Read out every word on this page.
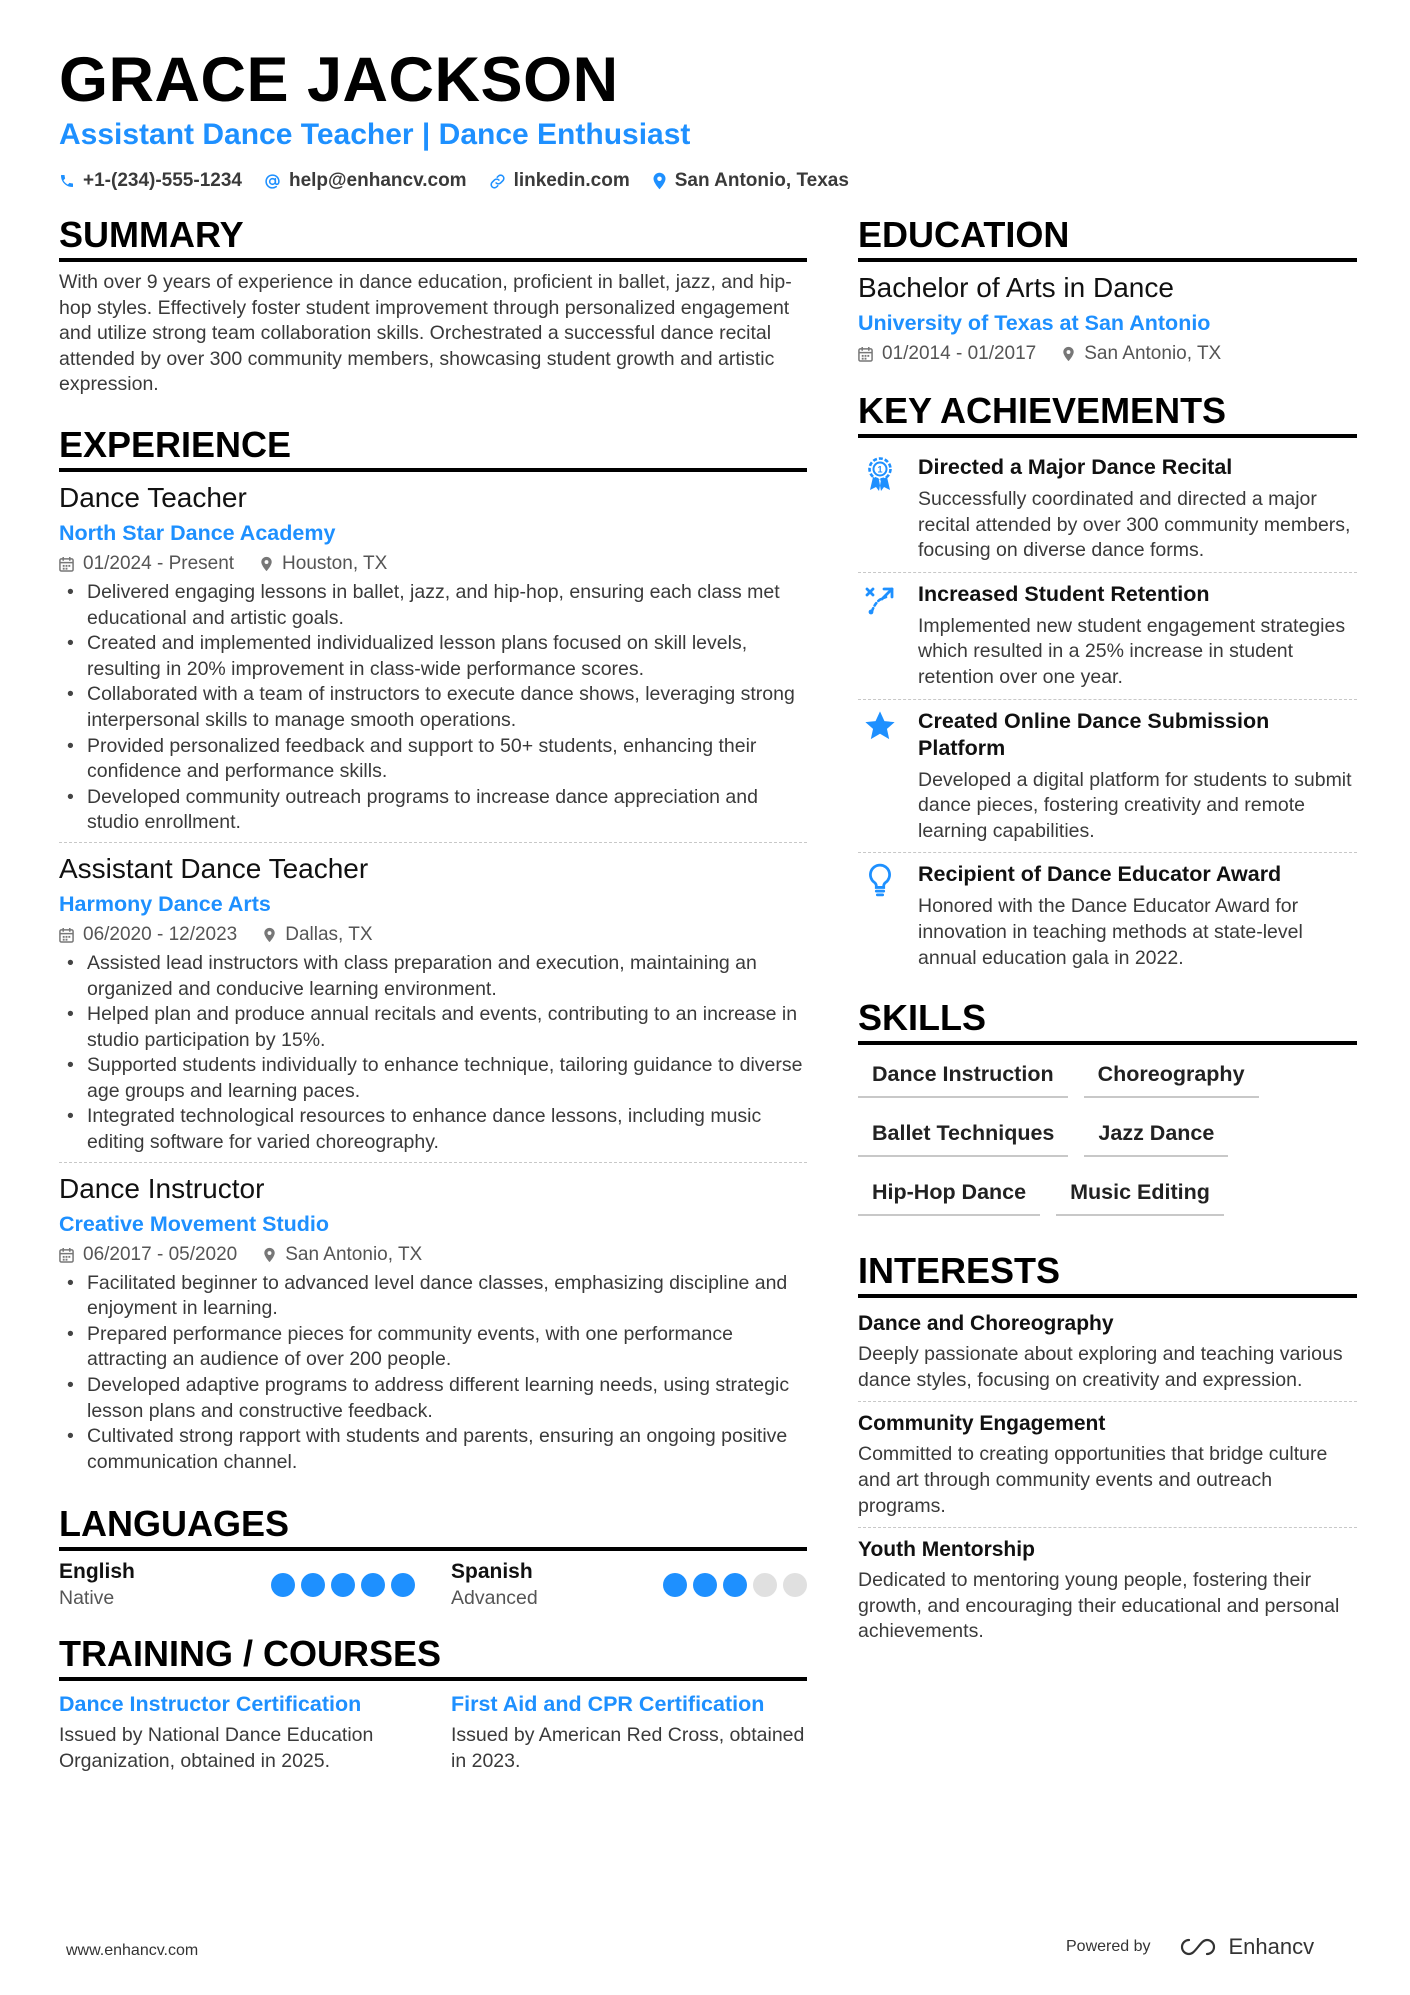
GRACE JACKSON
Assistant Dance Teacher | Dance Enthusiast
+1-(234)-555-1234 help@enhancv.com linkedin.com San Antonio, Texas
SUMMARY

With over 9 years of experience in dance education, proficient in ballet, jazz, and hip-hop styles. Effectively foster student improvement through personalized engagement and utilize strong team collaboration skills. Orchestrated a successful dance recital attended by over 300 community members, showcasing student growth and artistic expression.

EXPERIENCE
Dance Teacher
North Star Dance Academy
01/2024 - Present	Houston, TX
• Delivered engaging lessons in ballet, jazz, and hip-hop, ensuring each class met educational and artistic goals.
• Created and implemented individualized lesson plans focused on skill levels, resulting in 20% improvement in class-wide performance scores.
• Collaborated with a team of instructors to execute dance shows, leveraging strong interpersonal skills to manage smooth operations.
• Provided personalized feedback and support to 50+ students, enhancing their confidence and performance skills.
• Developed community outreach programs to increase dance appreciation and studio enrollment.
Assistant Dance Teacher
Harmony Dance Arts
06/2020 - 12/2023	Dallas, TX
• Assisted lead instructors with class preparation and execution, maintaining an organized and conducive learning environment.
• Helped plan and produce annual recitals and events, contributing to an increase in studio participation by 15%.
• Supported students individually to enhance technique, tailoring guidance to diverse age groups and learning paces.
• Integrated technological resources to enhance dance lessons, including music editing software for varied choreography.
Dance Instructor
Creative Movement Studio
06/2017 - 05/2020	San Antonio, TX
• Facilitated beginner to advanced level dance classes, emphasizing discipline and enjoyment in learning.
• Prepared performance pieces for community events, with one performance attracting an audience of over 200 people.
• Developed adaptive programs to address different learning needs, using strategic lesson plans and constructive feedback.
• Cultivated strong rapport with students and parents, ensuring an ongoing positive communication channel.
LANGUAGES
English
Native
Spanish
Advanced
TRAINING / COURSES
Dance Instructor Certification
Issued by National Dance Education Organization, obtained in 2025.
First Aid and CPR Certification
Issued by American Red Cross, obtained in 2023.
EDUCATION
Bachelor of Arts in Dance
University of Texas at San Antonio
01/2014 - 01/2017	San Antonio, TX
KEY ACHIEVEMENTS
1 Directed a Major Dance Recital
Successfully coordinated and directed a major recital attended by over 300 community members, focusing on diverse dance forms.
Increased Student Retention
Implemented new student engagement strategies which resulted in a 25% increase in student retention over one year.
Created Online Dance Submission Platform
Developed a digital platform for students to submit dance pieces, fostering creativity and remote learning capabilities.
Recipient of Dance Educator Award
Honored with the Dance Educator Award for innovation in teaching methods at state-level annual education gala in 2022.
SKILLS
Dance Instruction	Choreography
Ballet Techniques	Jazz Dance
Hip-Hop Dance	Music Editing
INTERESTS
Dance and Choreography
Deeply passionate about exploring and teaching various dance styles, focusing on creativity and expression.
Community Engagement
Committed to creating opportunities that bridge culture and art through community events and outreach programs.
Youth Mentorship
Dedicated to mentoring young people, fostering their growth, and encouraging their educational and personal achievements.
www.enhancv.com	Powered by	Enhancv
